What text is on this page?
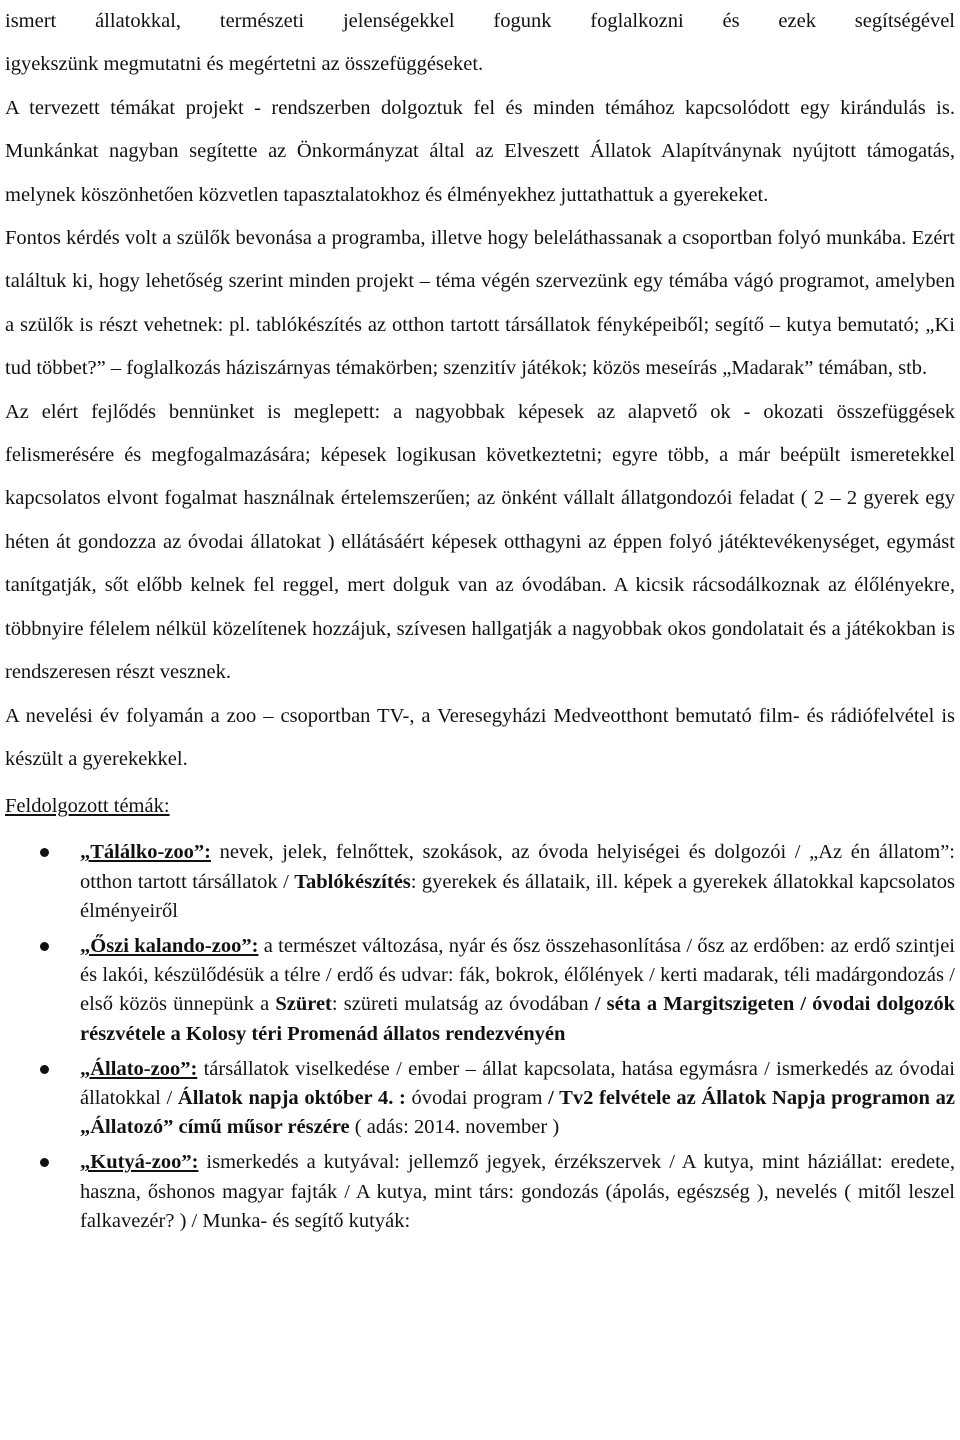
ismert állatokkal, természeti jelenségekkel fogunk foglalkozni és ezek segítségével

igyekszünk megmutatni és megértetni az összefüggéseket.

A tervezett témákat projekt - rendszerben dolgoztuk fel és minden témához kapcsolódott egy kirándulás is. Munkánkat nagyban segítette az Önkormányzat által az Elveszett Állatok Alapítványnak nyújtott támogatás, melynek köszönhetően közvetlen tapasztalatokhoz és élményekhez juttathattuk a gyerekeket.

Fontos kérdés volt a szülők bevonása a programba, illetve hogy beleláthassanak a csoportban folyó munkába. Ezért találtuk ki, hogy lehetőség szerint minden projekt – téma végén szervezünk egy témába vágó programot, amelyben a szülők is részt vehetnek: pl. tablókészítés az otthon tartott társállatok fényképeiből; segítő – kutya bemutató; „Ki tud többet?” – foglalkozás háziszárnyas témakörben; szenzitív játékok; közös meseírás „Madarak” témában, stb.

Az elért fejlődés bennünket is meglepett: a nagyobbak képesek az alapvető ok - okozati összefüggések felismerésére és megfogalmazására; képesek logikusan következtetni; egyre több, a már beépült ismeretekkel kapcsolatos elvont fogalmat használnak értelemszerűen; az önként vállalt állatgondozói feladat ( 2 – 2 gyerek egy héten át gondozza az óvodai állatokat ) ellátásáért képesek otthagyni az éppen folyó játéktevékenységet, egymást tanítgatják, sőt előbb kelnek fel reggel, mert dolguk van az óvodában. A kicsik rácsodálkoznak az élőlényekre, többnyire félelem nélkül közelítenek hozzájuk, szívesen hallgatják a nagyobbak okos gondolatait és a játékokban is rendszeresen részt vesznek.

A nevelési év folyamán a zoo – csoportban TV-, a Veresegyházi Medveotthont bemutató film- és rádiófelvétel is készült a gyerekekkel.

Feldolgozott témák:

„Tálálko-zoo”: nevek, jelek, felnőttek, szokások, az óvoda helyiségei és dolgozói / „Az én állatom”: otthon tartott társállatok / Tablókészítés: gyerekek és állataik, ill. képek a gyerekek állatokkal kapcsolatos élményeiről
„Őszi kalando-zoo”: a természet változása, nyár és ősz összehasonlítása / ősz az erdőben: az erdő szintjei és lakói, készülődésük a télre / erdő és udvar: fák, bokrok, élőlények / kerti madarak, téli madárgondozás / első közös ünnepünk a Szüret: szüreti mulatság az óvodában / séta a Margitszigeten / óvodai dolgozók részvétele a Kolosy téri Promenád állatos rendezvényén
„Állato-zoo”: társállatok viselkedése / ember – állat kapcsolata, hatása egymásra / ismerkedés az óvodai állatokkal / Állatok napja október 4. : óvodai program / Tv2 felvétele az Állatok Napja programon az „Állatozó” című műsor részére ( adás: 2014. november )
„Kutyá-zoo”: ismerkedés a kutyával: jellemző jegyek, érzékszervek / A kutya, mint háziállat: eredete, haszna, őshonos magyar fajták / A kutya, mint társ: gondozás (ápolás, egészség ), nevelés ( mitől leszel falkavezér? ) / Munka- és segítő kutyák:
